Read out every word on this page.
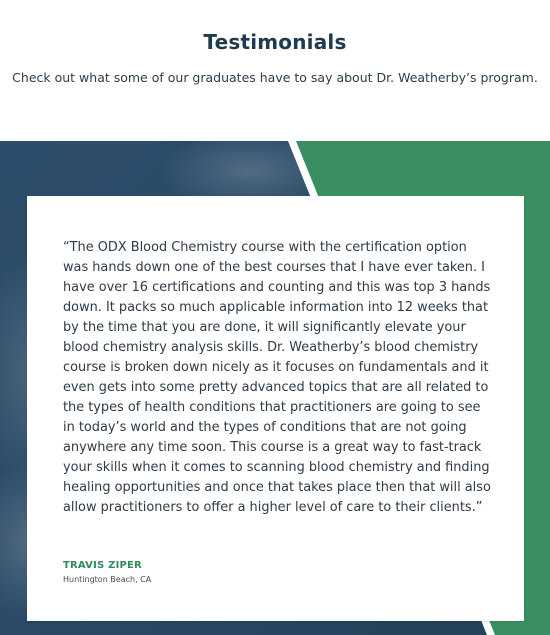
Testimonials

Check out what some of our graduates have to say about Dr. Weatherby’s program.

“The ODX Blood Chemistry course with the certification option was hands down one of the best courses that I have ever taken. I have over 16 certifications and counting and this was top 3 hands down. It packs so much applicable information into 12 weeks that by the time that you are done, it will significantly elevate your blood chemistry analysis skills. Dr. Weatherby’s blood chemistry course is broken down nicely as it focuses on fundamentals and it even gets into some pretty advanced topics that are all related to the types of health conditions that practitioners are going to see in today’s world and the types of conditions that are not going anywhere any time soon. This course is a great way to fast-track your skills when it comes to scanning blood chemistry and finding healing opportunities and once that takes place then that will also allow practitioners to offer a higher level of care to their clients.”

TRAVIS ZIPER

Huntington Beach, CA
